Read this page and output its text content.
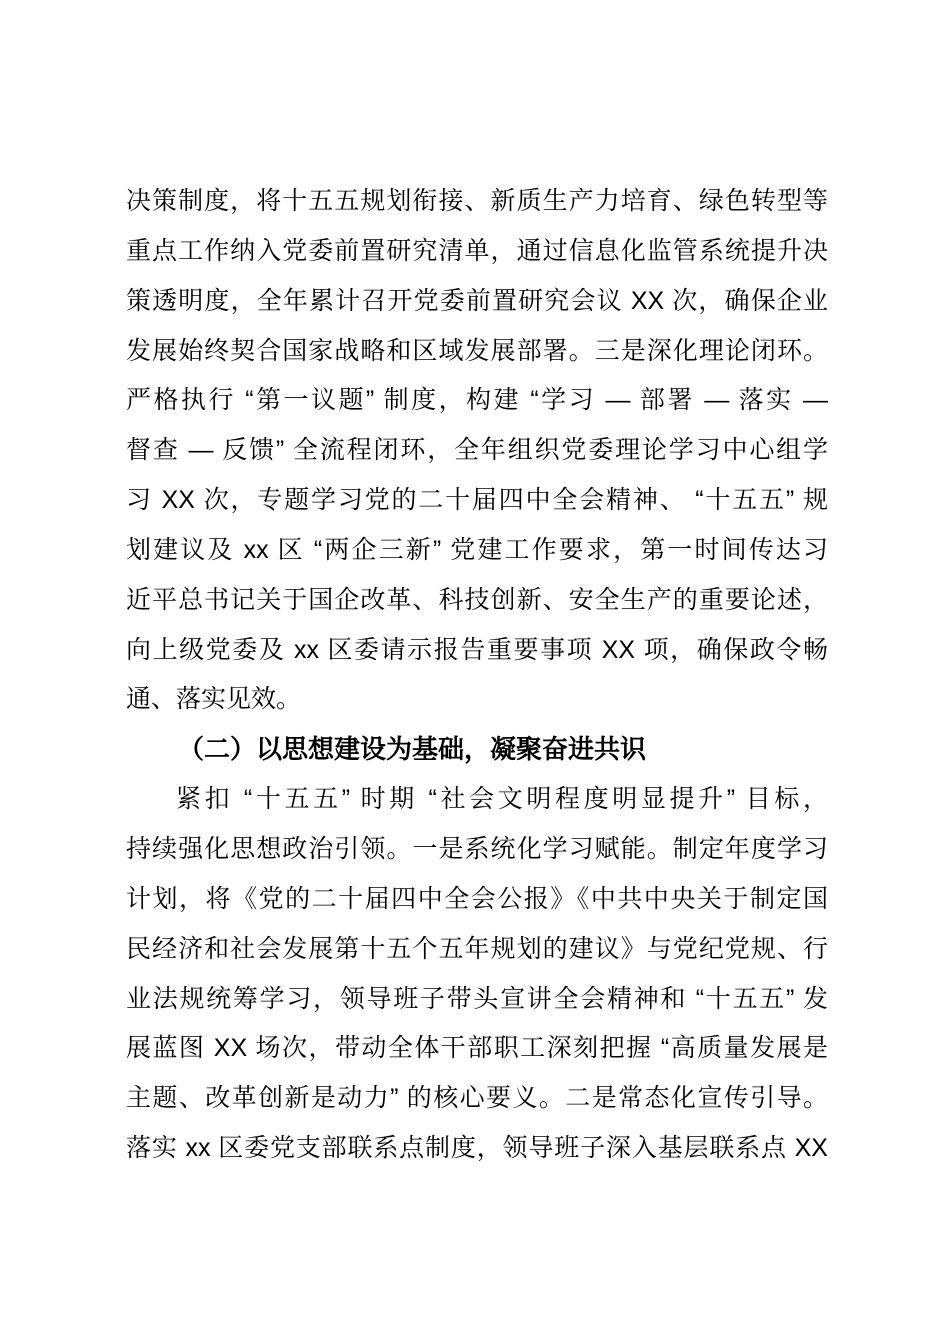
决策制度，将十五五规划衔接、新质生产力培育、绿色转型等
重点工作纳入党委前置研究清单，通过信息化监管系统提升决
策透明度，全年累计召开党委前置研究会议 XX 次，确保企业
发展始终契合国家战略和区域发展部署。三是深化理论闭环。
严格执行 “第一议题” 制度，构建 “学习 — 部署 — 落实 —
督查 — 反馈” 全流程闭环，全年组织党委理论学习中心组学
习 XX 次，专题学习党的二十届四中全会精神、 “十五五” 规
划建议及 xx 区 “两企三新” 党建工作要求，第一时间传达习
近平总书记关于国企改革、科技创新、安全生产的重要论述，
向上级党委及 xx 区委请示报告重要事项 XX 项，确保政令畅
通、落实见效。
（二）以思想建设为基础，凝聚奋进共识
紧扣 “十五五” 时期 “社会文明程度明显提升” 目标，
持续强化思想政治引领。一是系统化学习赋能。制定年度学习
计划，将《党的二十届四中全会公报》《中共中央关于制定国
民经济和社会发展第十五个五年规划的建议》与党纪党规、行
业法规统筹学习，领导班子带头宣讲全会精神和 “十五五” 发
展蓝图 XX 场次，带动全体干部职工深刻把握 “高质量发展是
主题、改革创新是动力” 的核心要义。二是常态化宣传引导。
落实 xx 区委党支部联系点制度，领导班子深入基层联系点 XX
